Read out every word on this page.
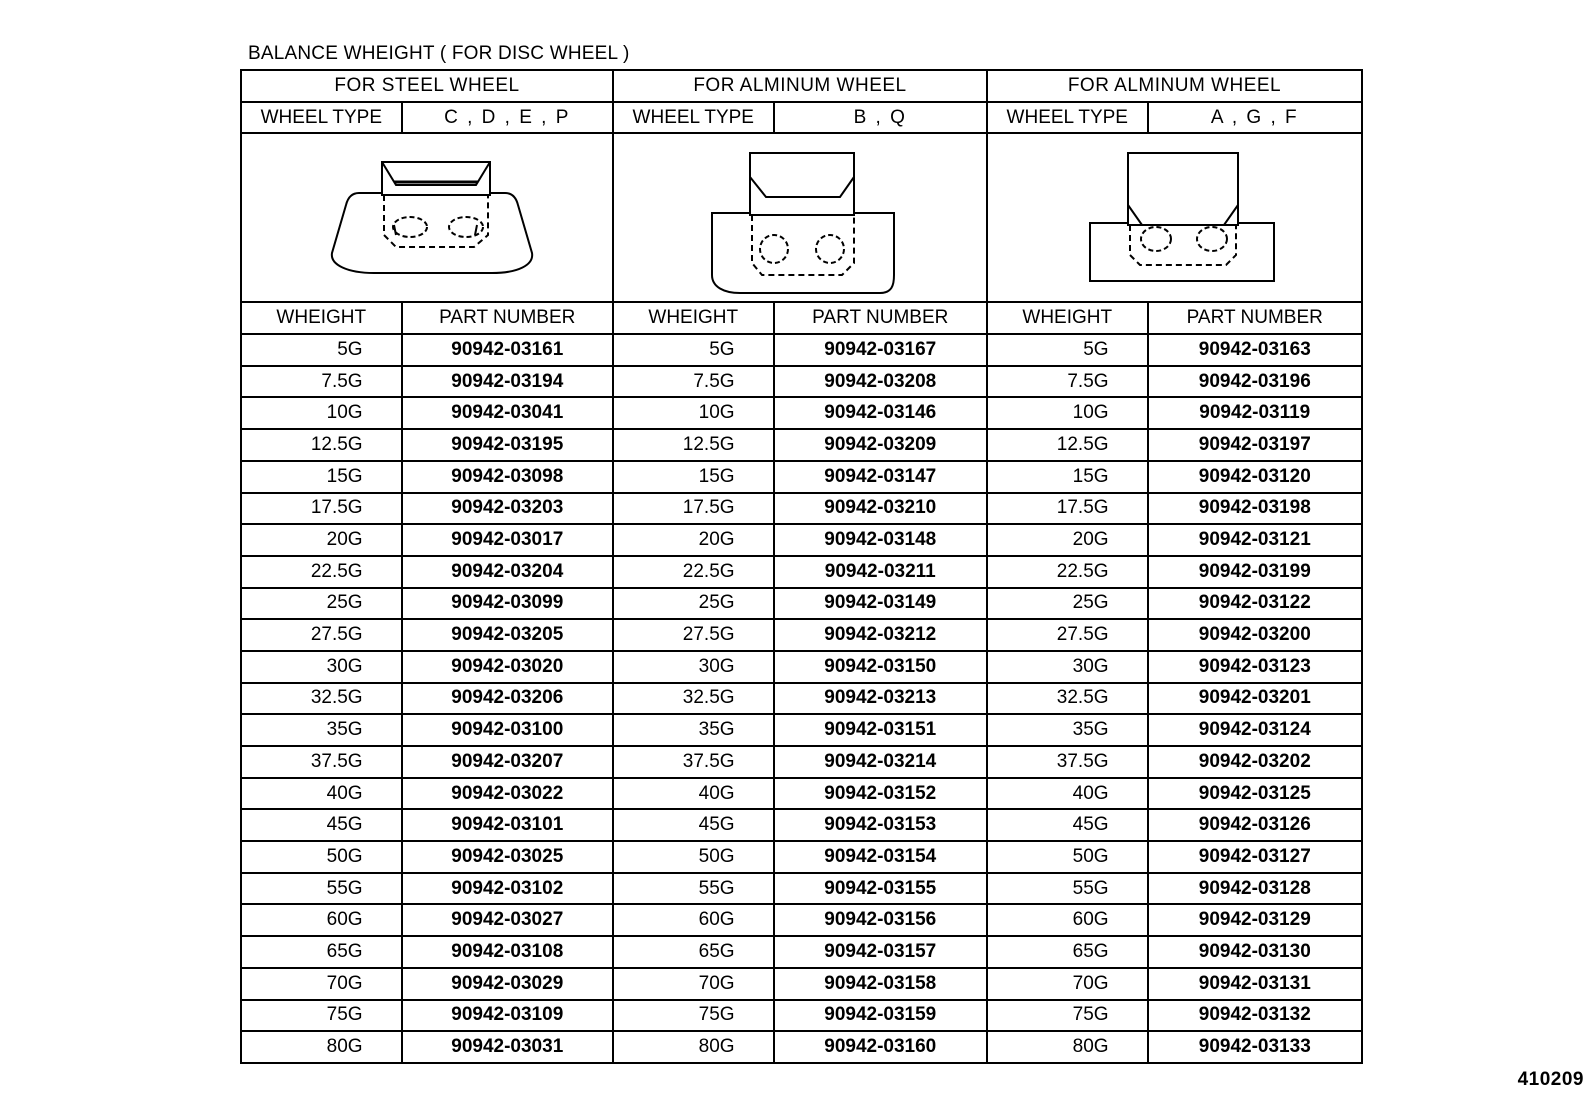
BALANCE WHEIGHT ( FOR DISC WHEEL )
FOR STEEL WHEEL		FOR ALMINUM WHEEL		FOR ALMINUM WHEEL	
WHEEL TYPE	C , D , E , P	WHEEL TYPE	B , Q	WHEEL TYPE	A , G , F

WHEIGHT	PART NUMBER	WHEIGHT	PART NUMBER	WHEIGHT	PART NUMBER
5G	90942-03161	5G	90942-03167	5G	90942-03163
7.5G	90942-03194	7.5G	90942-03208	7.5G	90942-03196
10G	90942-03041	10G	90942-03146	10G	90942-03119
12.5G	90942-03195	12.5G	90942-03209	12.5G	90942-03197
15G	90942-03098	15G	90942-03147	15G	90942-03120
17.5G	90942-03203	17.5G	90942-03210	17.5G	90942-03198
20G	90942-03017	20G	90942-03148	20G	90942-03121
22.5G	90942-03204	22.5G	90942-03211	22.5G	90942-03199
25G	90942-03099	25G	90942-03149	25G	90942-03122
27.5G	90942-03205	27.5G	90942-03212	27.5G	90942-03200
30G	90942-03020	30G	90942-03150	30G	90942-03123
32.5G	90942-03206	32.5G	90942-03213	32.5G	90942-03201
35G	90942-03100	35G	90942-03151	35G	90942-03124
37.5G	90942-03207	37.5G	90942-03214	37.5G	90942-03202
40G	90942-03022	40G	90942-03152	40G	90942-03125
45G	90942-03101	45G	90942-03153	45G	90942-03126
50G	90942-03025	50G	90942-03154	50G	90942-03127
55G	90942-03102	55G	90942-03155	55G	90942-03128
60G	90942-03027	60G	90942-03156	60G	90942-03129
65G	90942-03108	65G	90942-03157	65G	90942-03130
70G	90942-03029	70G	90942-03158	70G	90942-03131
75G	90942-03109	75G	90942-03159	75G	90942-03132
80G	90942-03031	80G	90942-03160	80G	90942-03133
410209
